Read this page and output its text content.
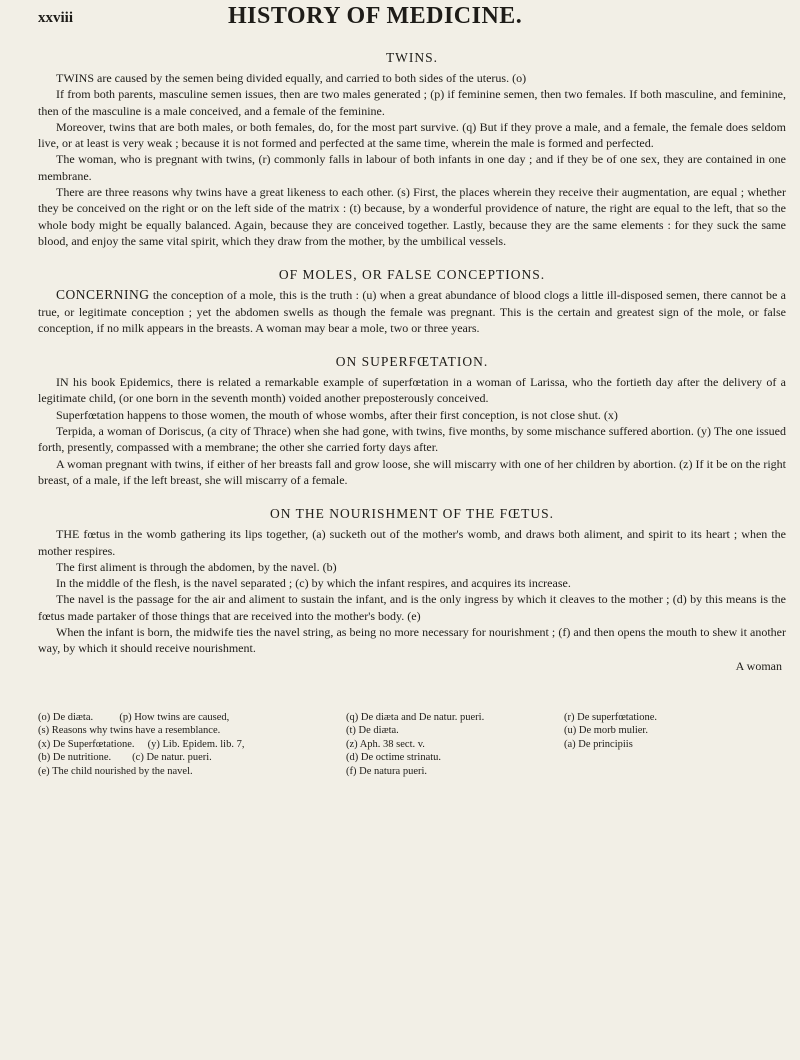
xxviii	HISTORY OF MEDICINE.
TWINS.

TWINS are caused by the semen being divided equally, and carried to both sides of the uterus. (o)

If from both parents, masculine semen issues, then are two males generated ; (p) if feminine semen, then two females. If both masculine, and feminine, then of the masculine is a male conceived, and a female of the feminine.

Moreover, twins that are both males, or both females, do, for the most part survive. (q) But if they prove a male, and a female, the female does seldom live, or at least is very weak ; because it is not formed and perfected at the same time, wherein the male is formed and perfected.

The woman, who is pregnant with twins, (r) commonly falls in labour of both infants in one day ; and if they be of one sex, they are contained in one membrane.

There are three reasons why twins have a great likeness to each other. (s) First, the places wherein they receive their augmentation, are equal ; whether they be conceived on the right or on the left side of the matrix : (t) because, by a wonderful providence of nature, the right are equal to the left, that so the whole body might be equally balanced. Again, because they are conceived together. Lastly, because they are the same elements : for they suck the same blood, and enjoy the same vital spirit, which they draw from the mother, by the umbilical vessels.

OF MOLES, OR FALSE CONCEPTIONS.

CONCERNING the conception of a mole, this is the truth : (u) when a great abundance of blood clogs a little ill-disposed semen, there cannot be a true, or legitimate conception ; yet the abdomen swells as though the female was pregnant. This is the certain and greatest sign of the mole, or false conception, if no milk appears in the breasts. A woman may bear a mole, two or three years.

ON SUPERFŒTATION.

IN his book Epidemics, there is related a remarkable example of superfœtation in a woman of Larissa, who the fortieth day after the delivery of a legitimate child, (or one born in the seventh month) voided another preposterously conceived.

Superfœtation happens to those women, the mouth of whose wombs, after their first conception, is not close shut. (x)

Terpida, a woman of Doriscus, (a city of Thrace) when she had gone, with twins, five months, by some mischance suffered abortion. (y) The one issued forth, presently, compassed with a membrane; the other she carried forty days after.

A woman pregnant with twins, if either of her breasts fall and grow loose, she will miscarry with one of her children by abortion. (z) If it be on the right breast, of a male, if the left breast, she will miscarry of a female.

ON THE NOURISHMENT OF THE FŒTUS.

THE fœtus in the womb gathering its lips together, (a) sucketh out of the mother's womb, and draws both aliment, and spirit to its heart ; when the mother respires.

The first aliment is through the abdomen, by the navel. (b)

In the middle of the flesh, is the navel separated ; (c) by which the infant respires, and acquires its increase.

The navel is the passage for the air and aliment to sustain the infant, and is the only ingress by which it cleaves to the mother ; (d) by this means is the fœtus made partaker of those things that are received into the mother's body. (e)

When the infant is born, the midwife ties the navel string, as being no more necessary for nourishment ; (f) and then opens the mouth to shew it another way, by which it should receive nourishment.

A woman
(o) De diæta.          (p) How twins are caused,
(s) Reasons why twins have a resemblance.
(x) De Superfœtatione.     (y) Lib. Epidem. lib. 7,
(b) De nutritione.        (c) De natur. pueri.
(e) The child nourished by the navel.
(q) De diæta and De natur. pueri.
(t) De diæta.
(z) Aph. 38 sect. v.
(d) De octime strinatu.
(f) De natura pueri.
(r) De superfœtatione.
(u) De morb mulier.
(a) De principiis
